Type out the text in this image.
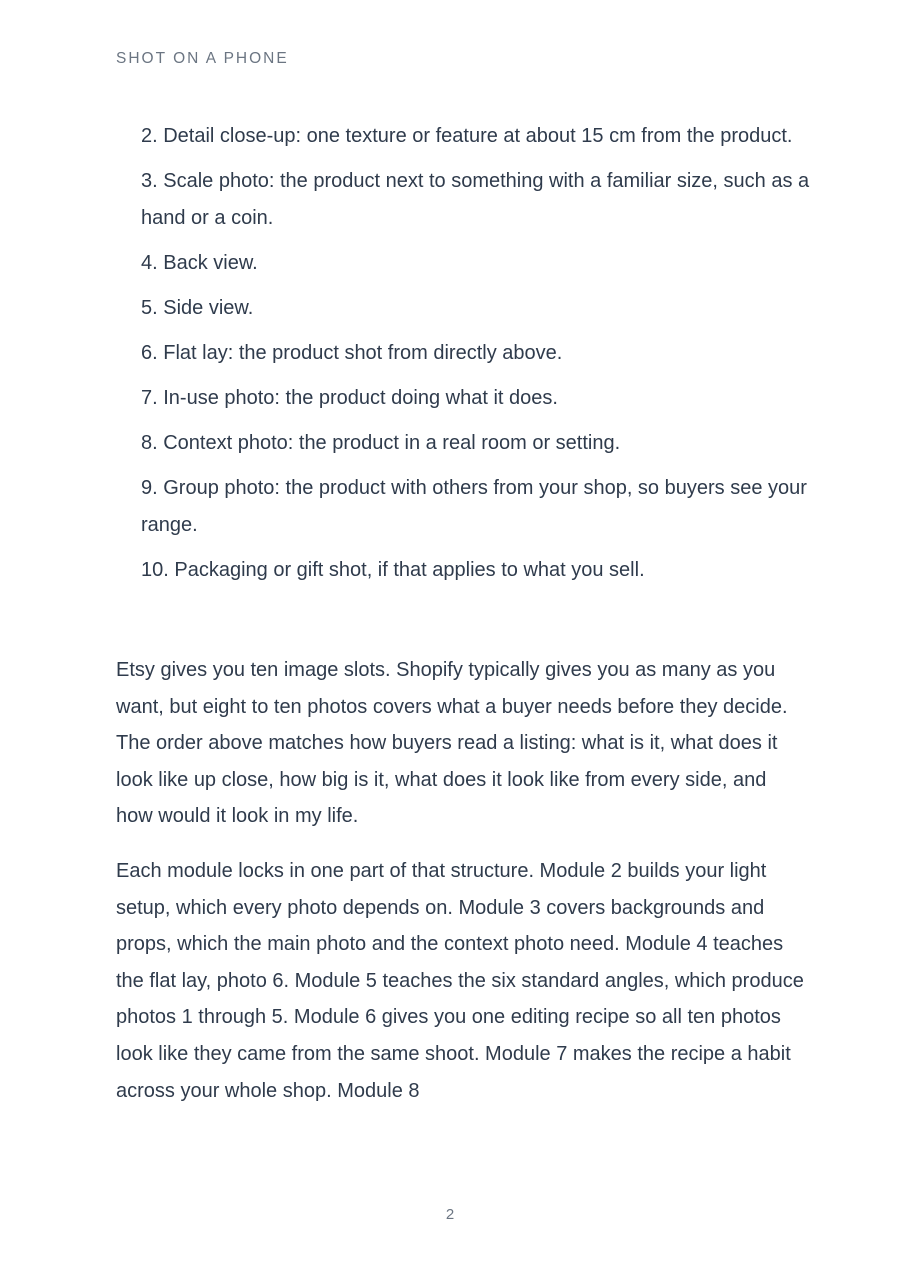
SHOT ON A PHONE
2. Detail close-up: one texture or feature at about 15 cm from the product.
3. Scale photo: the product next to something with a familiar size, such as a hand or a coin.
4. Back view.
5. Side view.
6. Flat lay: the product shot from directly above.
7. In-use photo: the product doing what it does.
8. Context photo: the product in a real room or setting.
9. Group photo: the product with others from your shop, so buyers see your range.
10. Packaging or gift shot, if that applies to what you sell.

Etsy gives you ten image slots. Shopify typically gives you as many as you want, but eight to ten photos covers what a buyer needs before they decide. The order above matches how buyers read a listing: what is it, what does it look like up close, how big is it, what does it look like from every side, and how would it look in my life.

Each module locks in one part of that structure. Module 2 builds your light setup, which every photo depends on. Module 3 covers backgrounds and props, which the main photo and the context photo need. Module 4 teaches the flat lay, photo 6. Module 5 teaches the six standard angles, which produce photos 1 through 5. Module 6 gives you one editing recipe so all ten photos look like they came from the same shoot. Module 7 makes the recipe a habit across your whole shop. Module 8

2
